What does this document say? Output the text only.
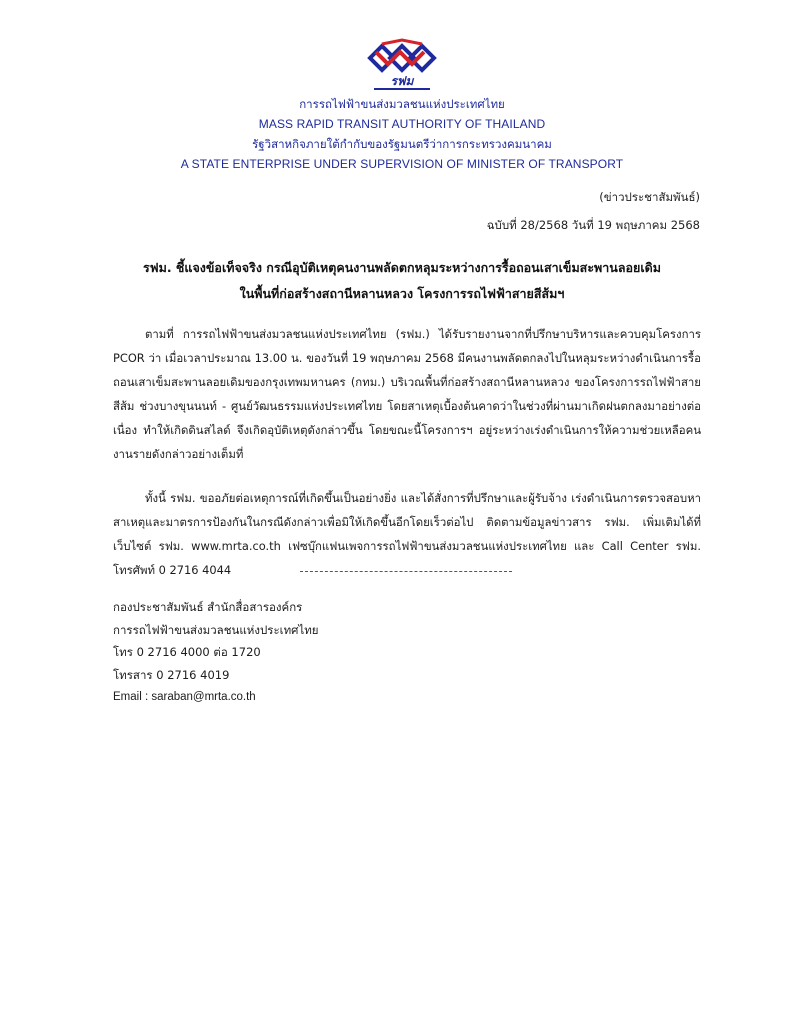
รฟม
การรถไฟฟ้าขนส่งมวลชนแห่งประเทศไทย
MASS RAPID TRANSIT AUTHORITY OF THAILAND
รัฐวิสาหกิจภายใต้กำกับของรัฐมนตรีว่าการกระทรวงคมนาคม
A STATE ENTERPRISE UNDER SUPERVISION OF MINISTER OF TRANSPORT
(ข่าวประชาสัมพันธ์)
ฉบับที่ 28/2568 วันที่ 19 พฤษภาคม 2568
รฟม. ชี้แจงข้อเท็จจริง กรณีอุบัติเหตุคนงานพลัดตกหลุมระหว่างการรื้อถอนเสาเข็มสะพานลอยเดิม
ในพื้นที่ก่อสร้างสถานีหลานหลวง โครงการรถไฟฟ้าสายสีส้มฯ

ตามที่ การรถไฟฟ้าขนส่งมวลชนแห่งประเทศไทย (รฟม.) ได้รับรายงานจากที่ปรึกษาบริหารและควบคุมโครงการ PCOR ว่า เมื่อเวลาประมาณ 13.00 น. ของวันที่ 19 พฤษภาคม 2568 มีคนงานพลัดตกลงไปในหลุมระหว่างดำเนินการรื้อถอนเสาเข็มสะพานลอยเดิมของกรุงเทพมหานคร (กทม.) บริเวณพื้นที่ก่อสร้างสถานีหลานหลวง ของโครงการรถไฟฟ้าสายสีส้ม ช่วงบางขุนนนท์ - ศูนย์วัฒนธรรมแห่งประเทศไทย โดยสาเหตุเบื้องต้นคาดว่าในช่วงที่ผ่านมาเกิดฝนตกลงมาอย่างต่อเนื่อง ทำให้เกิดดินสไลด์ จึงเกิดอุบัติเหตุดังกล่าวขึ้น โดยขณะนี้โครงการฯ อยู่ระหว่างเร่งดำเนินการให้ความช่วยเหลือคนงานรายดังกล่าวอย่างเต็มที่

ทั้งนี้ รฟม. ขออภัยต่อเหตุการณ์ที่เกิดขึ้นเป็นอย่างยิ่ง และได้สั่งการที่ปรึกษาและผู้รับจ้าง เร่งดำเนินการตรวจสอบหาสาเหตุและมาตรการป้องกันในกรณีดังกล่าวเพื่อมิให้เกิดขึ้นอีกโดยเร็วต่อไป ติดตามข้อมูลข่าวสาร รฟม. เพิ่มเติมได้ที่เว็บไซต์ รฟม. www.mrta.co.th เฟซบุ๊กแฟนเพจการรถไฟฟ้าขนส่งมวลชนแห่งประเทศไทย และ Call Center รฟม. โทรศัพท์ 0 2716 4044

กองประชาสัมพันธ์ สำนักสื่อสารองค์กร
การรถไฟฟ้าขนส่งมวลชนแห่งประเทศไทย
โทร 0 2716 4000 ต่อ 1720
โทรสาร 0 2716 4019
Email : saraban@mrta.co.th
